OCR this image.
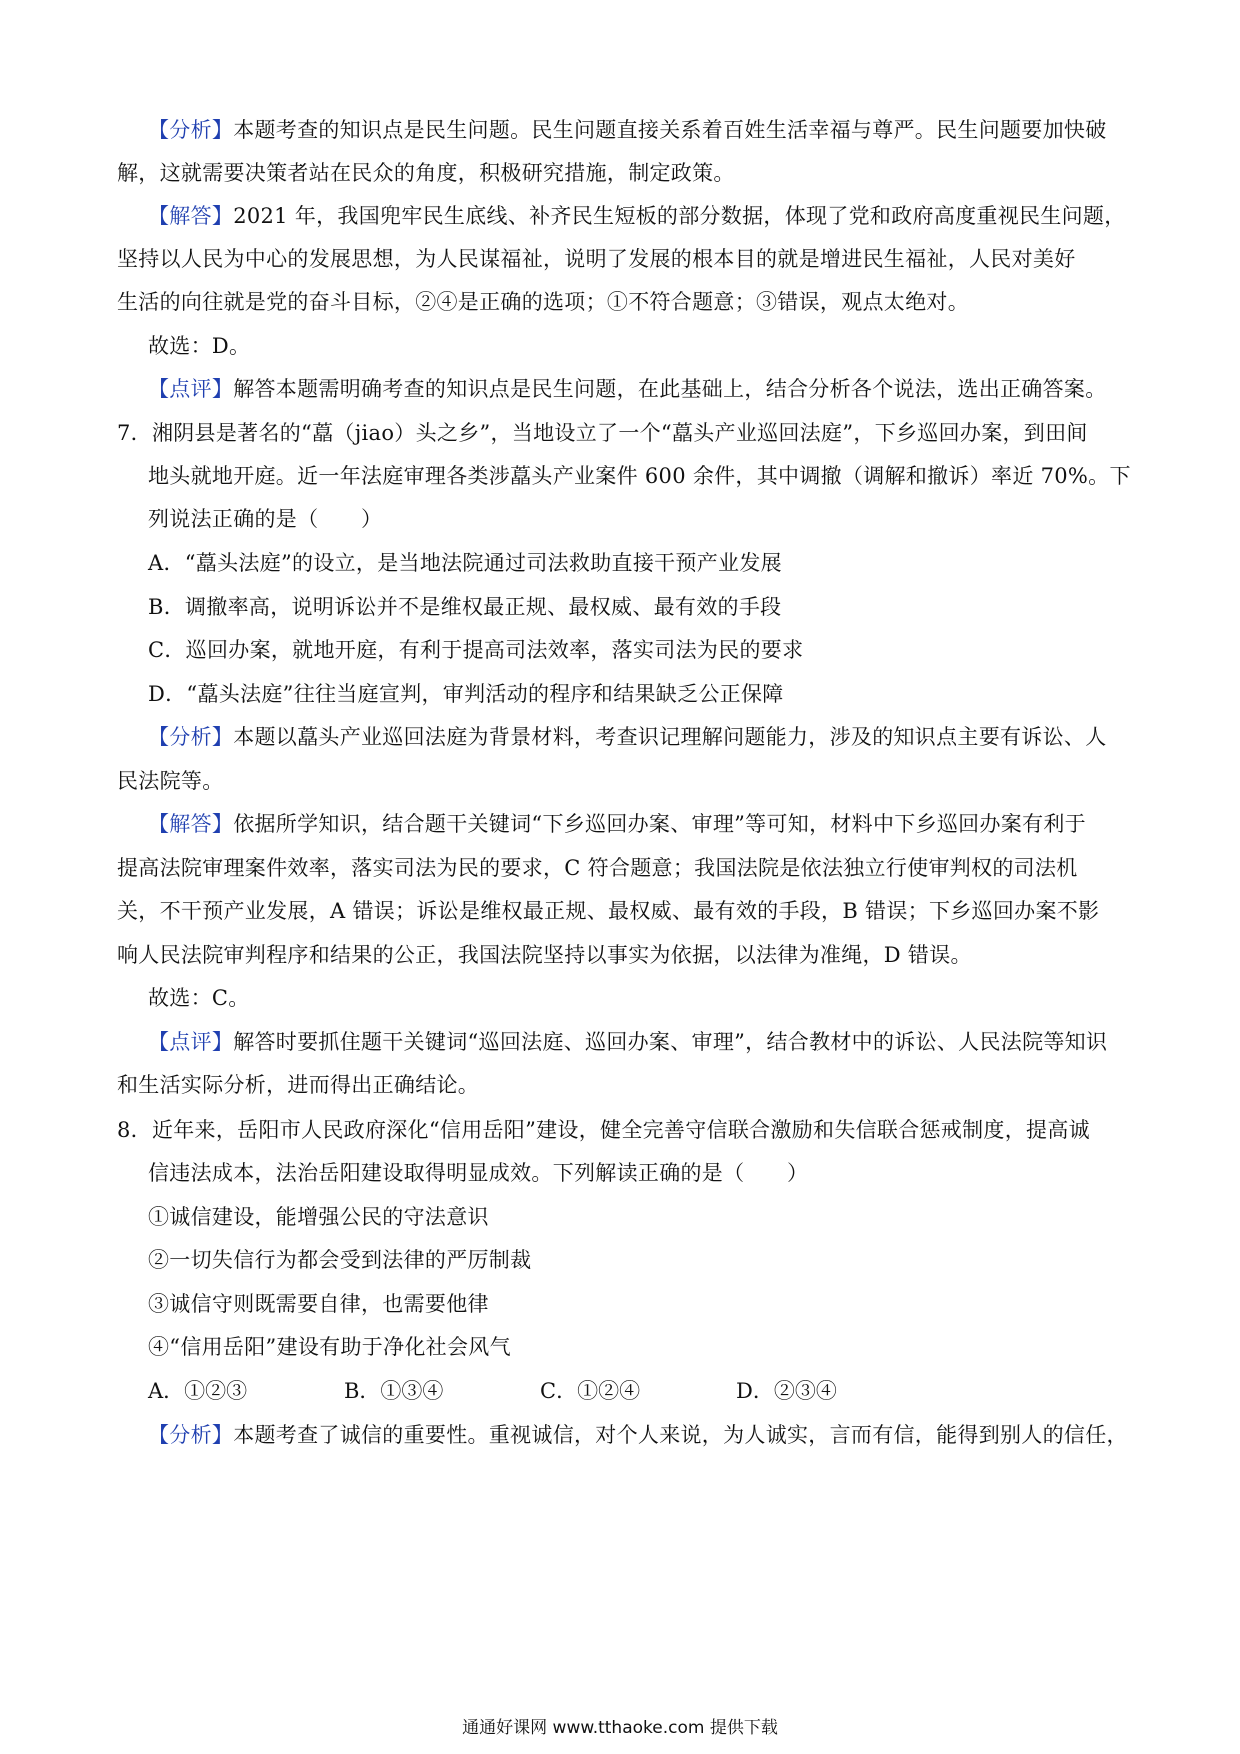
【分析】本题考查的知识点是民生问题。民生问题直接关系着百姓生活幸福与尊严。民生问题要加快破
解，这就需要决策者站在民众的角度，积极研究措施，制定政策。
【解答】2021 年，我国兜牢民生底线、补齐民生短板的部分数据，体现了党和政府高度重视民生问题，
坚持以人民为中心的发展思想，为人民谋福祉，说明了发展的根本目的就是增进民生福祉，人民对美好
生活的向往就是党的奋斗目标，②④是正确的选项；①不符合题意；③错误，观点太绝对。
故选：D。
【点评】解答本题需明确考查的知识点是民生问题，在此基础上，结合分析各个说法，选出正确答案。
7．湘阴县是著名的“藠（jiao）头之乡”，当地设立了一个“藠头产业巡回法庭”，下乡巡回办案，到田间
地头就地开庭。近一年法庭审理各类涉藠头产业案件 600 余件，其中调撤（调解和撤诉）率近 70%。下
列说法正确的是（　　）
A．“藠头法庭”的设立，是当地法院通过司法救助直接干预产业发展
B．调撤率高，说明诉讼并不是维权最正规、最权威、最有效的手段
C．巡回办案，就地开庭，有利于提高司法效率，落实司法为民的要求
D．“藠头法庭”往往当庭宣判，审判活动的程序和结果缺乏公正保障
【分析】本题以藠头产业巡回法庭为背景材料，考查识记理解问题能力，涉及的知识点主要有诉讼、人
民法院等。
【解答】依据所学知识，结合题干关键词“下乡巡回办案、审理”等可知，材料中下乡巡回办案有利于
提高法院审理案件效率，落实司法为民的要求，C 符合题意；我国法院是依法独立行使审判权的司法机
关，不干预产业发展，A 错误；诉讼是维权最正规、最权威、最有效的手段，B 错误；下乡巡回办案不影
响人民法院审判程序和结果的公正，我国法院坚持以事实为依据，以法律为准绳，D 错误。
故选：C。
【点评】解答时要抓住题干关键词“巡回法庭、巡回办案、审理”，结合教材中的诉讼、人民法院等知识
和生活实际分析，进而得出正确结论。
8．近年来，岳阳市人民政府深化“信用岳阳”建设，健全完善守信联合激励和失信联合惩戒制度，提高诚
信违法成本，法治岳阳建设取得明显成效。下列解读正确的是（　　）
①诚信建设，能增强公民的守法意识
②一切失信行为都会受到法律的严厉制裁
③诚信守则既需要自律，也需要他律
④“信用岳阳”建设有助于净化社会风气
A．①②③	B．①③④	C．①②④	D．②③④
【分析】本题考查了诚信的重要性。重视诚信，对个人来说，为人诚实，言而有信，能得到别人的信任，
通通好课网 www.tthaoke.com 提供下载
